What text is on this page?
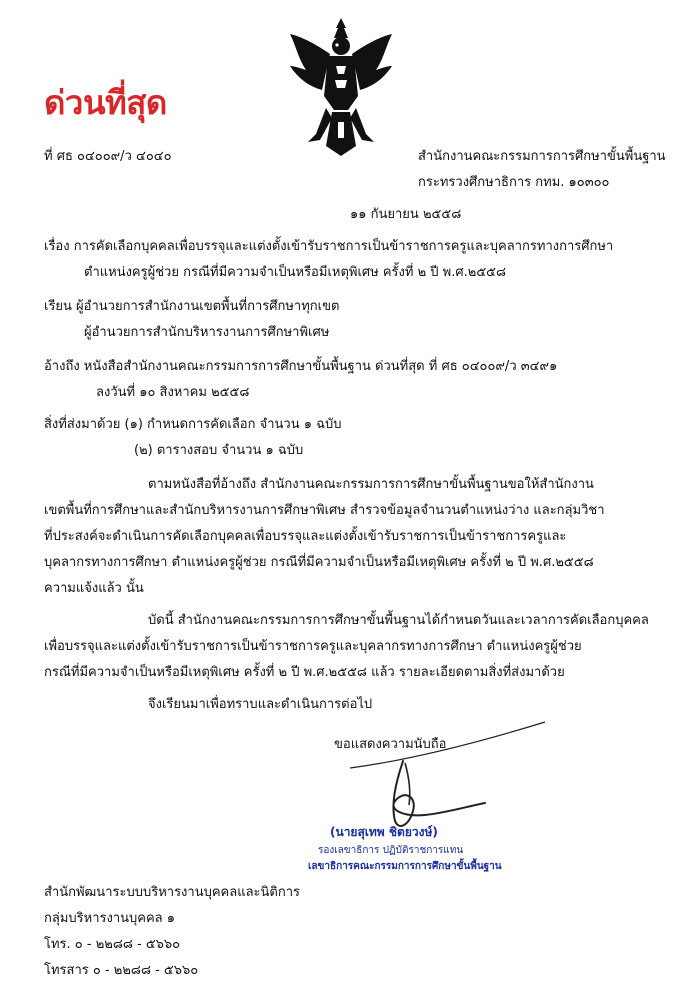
ด่วนที่สุด
ที่ ศธ ๐๔๐๐๙/ว ๔๐๔๐	สำนักงานคณะกรรมการการศึกษาขั้นพื้นฐาน
กระทรวงศึกษาธิการ กทม. ๑๐๓๐๐
๑๑ กันยายน ๒๕๕๘
เรื่อง การคัดเลือกบุคคลเพื่อบรรจุและแต่งตั้งเข้ารับราชการเป็นข้าราชการครูและบุคลากรทางการศึกษา
ตำแหน่งครูผู้ช่วย กรณีที่มีความจำเป็นหรือมีเหตุพิเศษ ครั้งที่ ๒ ปี พ.ศ.๒๕๕๘
เรียน ผู้อำนวยการสำนักงานเขตพื้นที่การศึกษาทุกเขต
ผู้อำนวยการสำนักบริหารงานการศึกษาพิเศษ
อ้างถึง หนังสือสำนักงานคณะกรรมการการศึกษาขั้นพื้นฐาน ด่วนที่สุด ที่ ศธ ๐๔๐๐๙/ว ๓๔๙๑
ลงวันที่ ๑๐ สิงหาคม ๒๕๕๘
สิ่งที่ส่งมาด้วย (๑) กำหนดการคัดเลือก จำนวน ๑ ฉบับ
(๒) ตารางสอบ จำนวน ๑ ฉบับ
ตามหนังสือที่อ้างถึง สำนักงานคณะกรรมการการศึกษาขั้นพื้นฐานขอให้สำนักงาน
เขตพื้นที่การศึกษาและสำนักบริหารงานการศึกษาพิเศษ สำรวจข้อมูลจำนวนตำแหน่งว่าง และกลุ่มวิชา
ที่ประสงค์จะดำเนินการคัดเลือกบุคคลเพื่อบรรจุและแต่งตั้งเข้ารับราชการเป็นข้าราชการครูและ
บุคลากรทางการศึกษา ตำแหน่งครูผู้ช่วย กรณีที่มีความจำเป็นหรือมีเหตุพิเศษ ครั้งที่ ๒ ปี พ.ศ.๒๕๕๘
ความแจ้งแล้ว นั้น
บัดนี้ สำนักงานคณะกรรมการการศึกษาขั้นพื้นฐานได้กำหนดวันและเวลาการคัดเลือกบุคคล
เพื่อบรรจุและแต่งตั้งเข้ารับราชการเป็นข้าราชการครูและบุคลากรทางการศึกษา ตำแหน่งครูผู้ช่วย
กรณีที่มีความจำเป็นหรือมีเหตุพิเศษ ครั้งที่ ๒ ปี พ.ศ.๒๕๕๘ แล้ว รายละเอียดตามสิ่งที่ส่งมาด้วย
จึงเรียนมาเพื่อทราบและดำเนินการต่อไป
ขอแสดงความนับถือ
(นายสุเทพ ชิตยวงษ์)
รองเลขาธิการ ปฏิบัติราชการแทน
เลขาธิการคณะกรรมการการศึกษาขั้นพื้นฐาน
สำนักพัฒนาระบบบริหารงานบุคคลและนิติการ
กลุ่มบริหารงานบุคคล ๑
โทร. ๐ - ๒๒๘๘ - ๕๖๖๐
โทรสาร ๐ - ๒๒๘๘ - ๕๖๖๐
